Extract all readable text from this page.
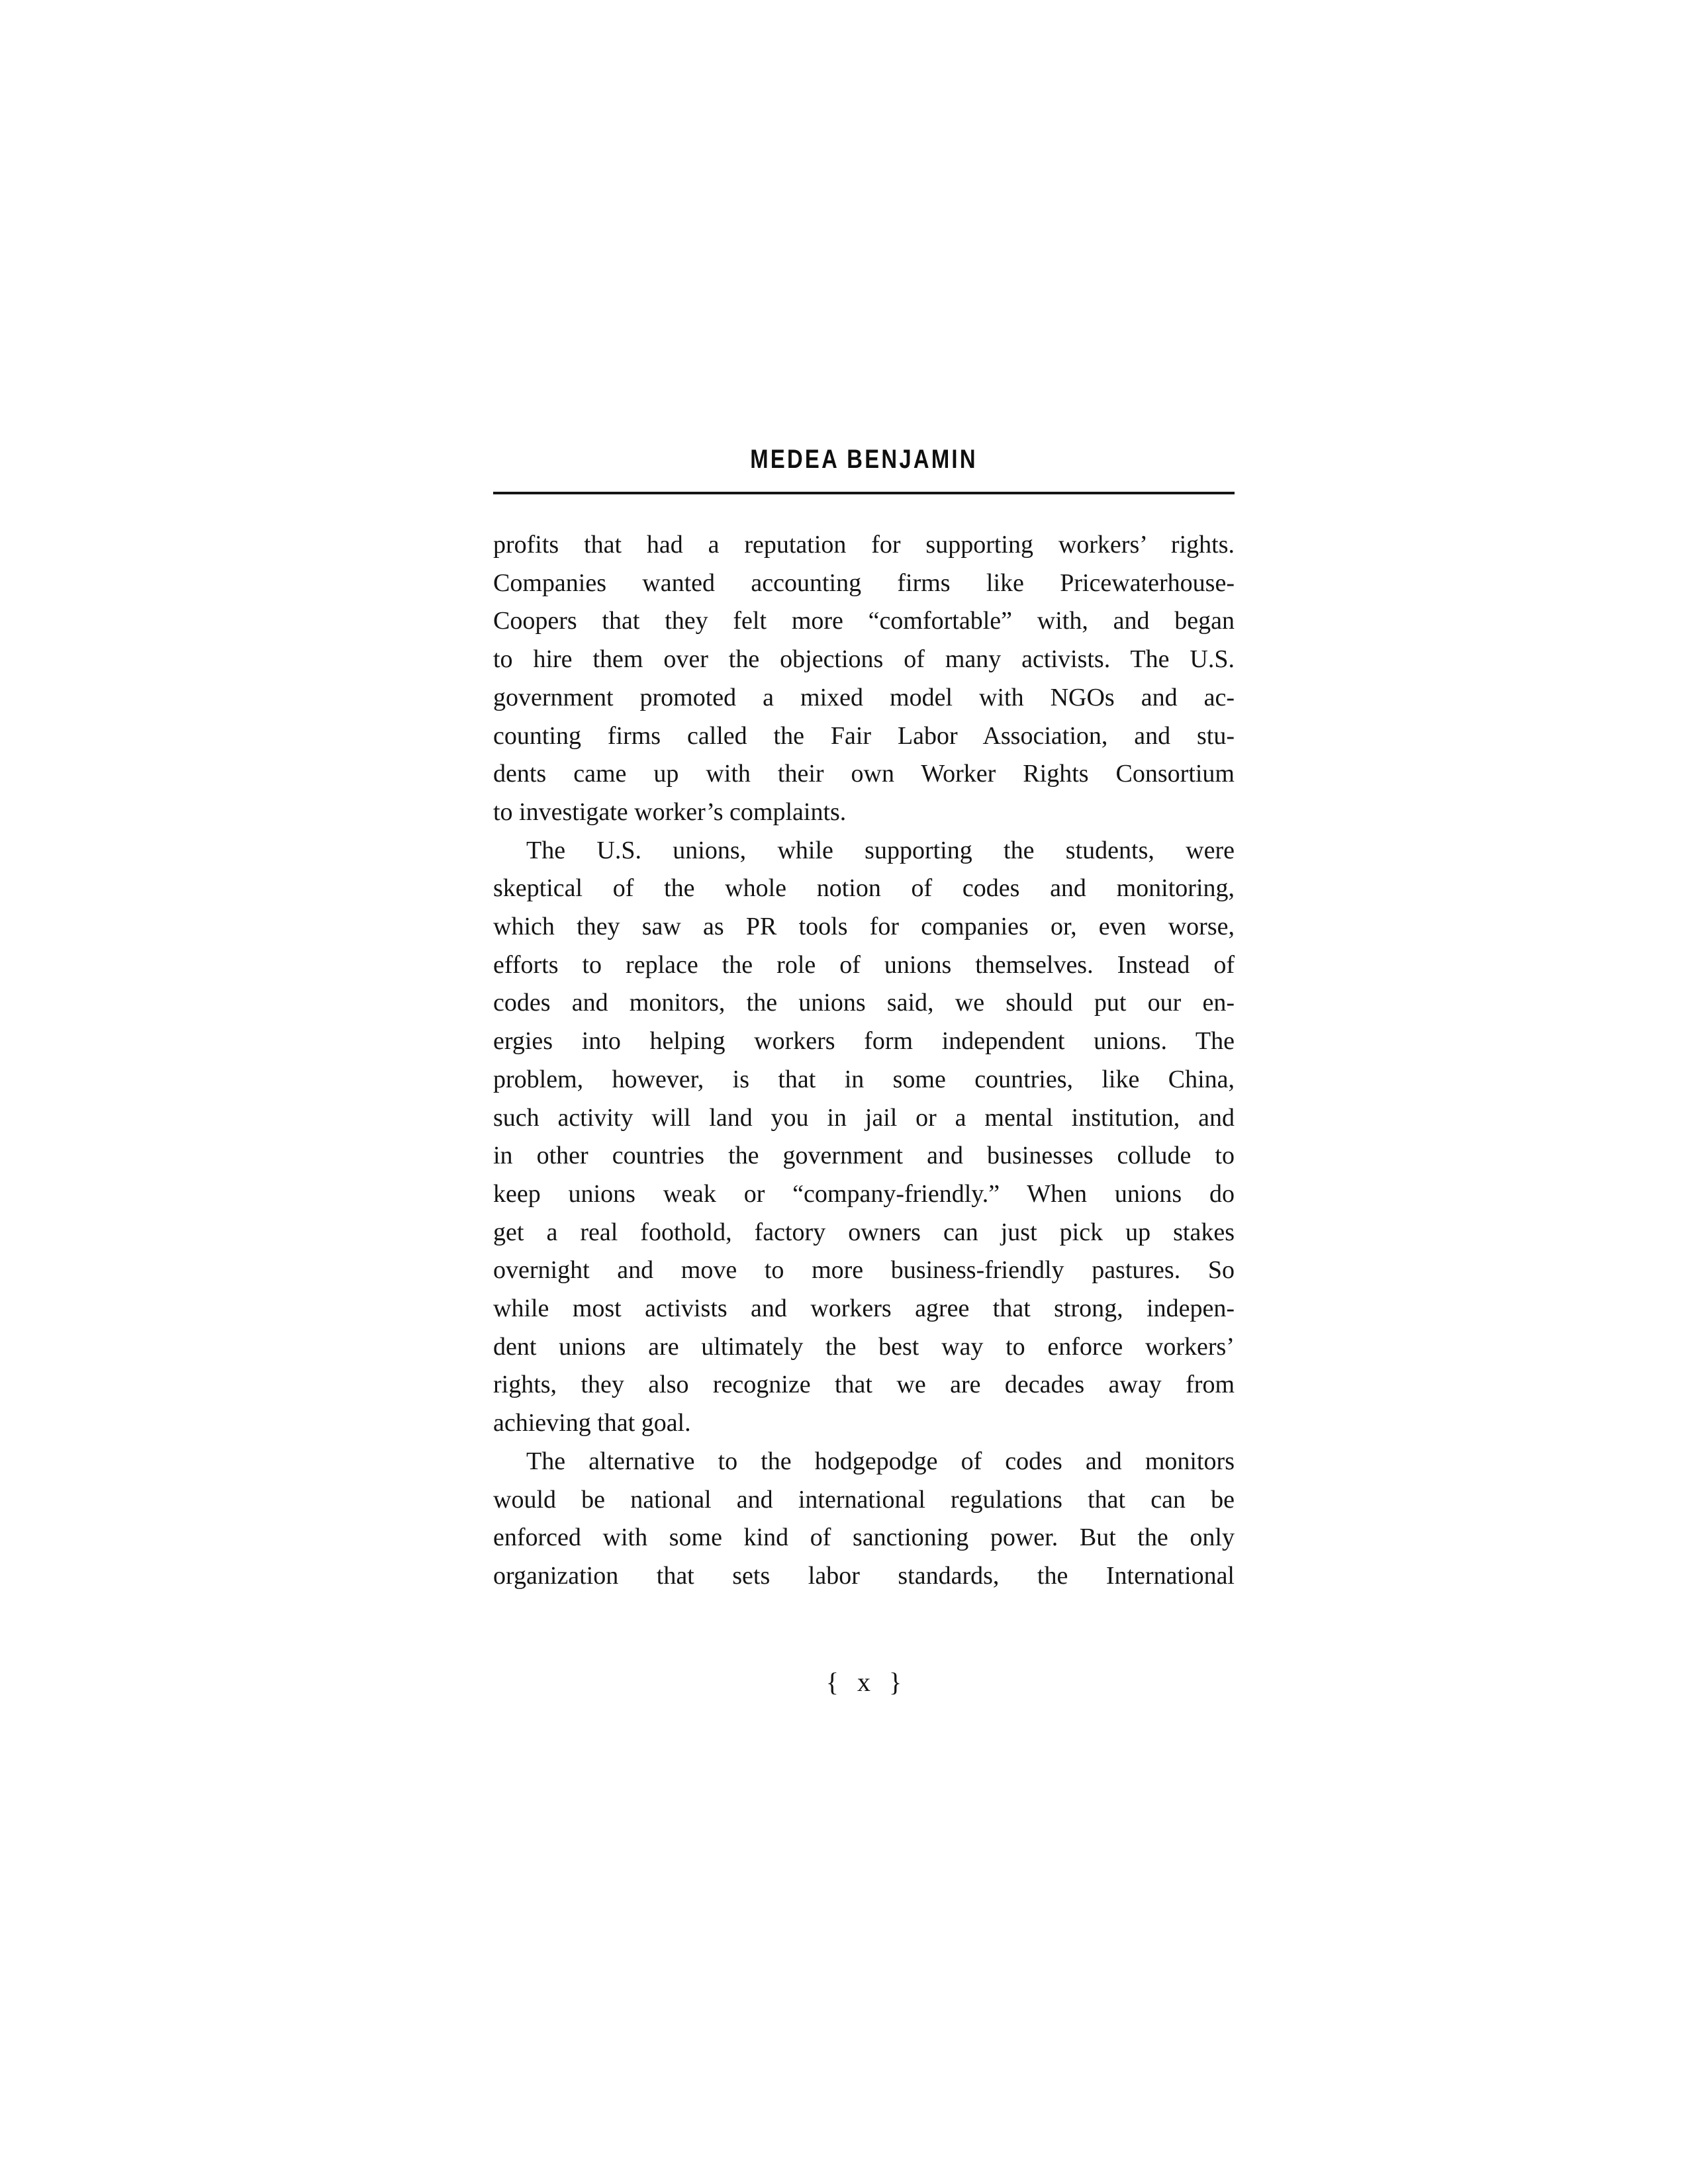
MEDEA BENJAMIN
profits that had a reputation for supporting workers’ rights.
Companies wanted accounting firms like Pricewaterhouse-
Coopers that they felt more “comfortable” with, and began
to hire them over the objections of many activists. The U.S.
government promoted a mixed model with NGOs and ac-
counting firms called the Fair Labor Association, and stu-
dents came up with their own Worker Rights Consortium
to investigate worker’s complaints.
The U.S. unions, while supporting the students, were
skeptical of the whole notion of codes and monitoring,
which they saw as PR tools for companies or, even worse,
efforts to replace the role of unions themselves. Instead of
codes and monitors, the unions said, we should put our en-
ergies into helping workers form independent unions. The
problem, however, is that in some countries, like China,
such activity will land you in jail or a mental institution, and
in other countries the government and businesses collude to
keep unions weak or “company-friendly.” When unions do
get a real foothold, factory owners can just pick up stakes
overnight and move to more business-friendly pastures. So
while most activists and workers agree that strong, indepen-
dent unions are ultimately the best way to enforce workers’
rights, they also recognize that we are decades away from
achieving that goal.
The alternative to the hodgepodge of codes and monitors
would be national and international regulations that can be
enforced with some kind of sanctioning power. But the only
organization that sets labor standards, the International
{ x }
